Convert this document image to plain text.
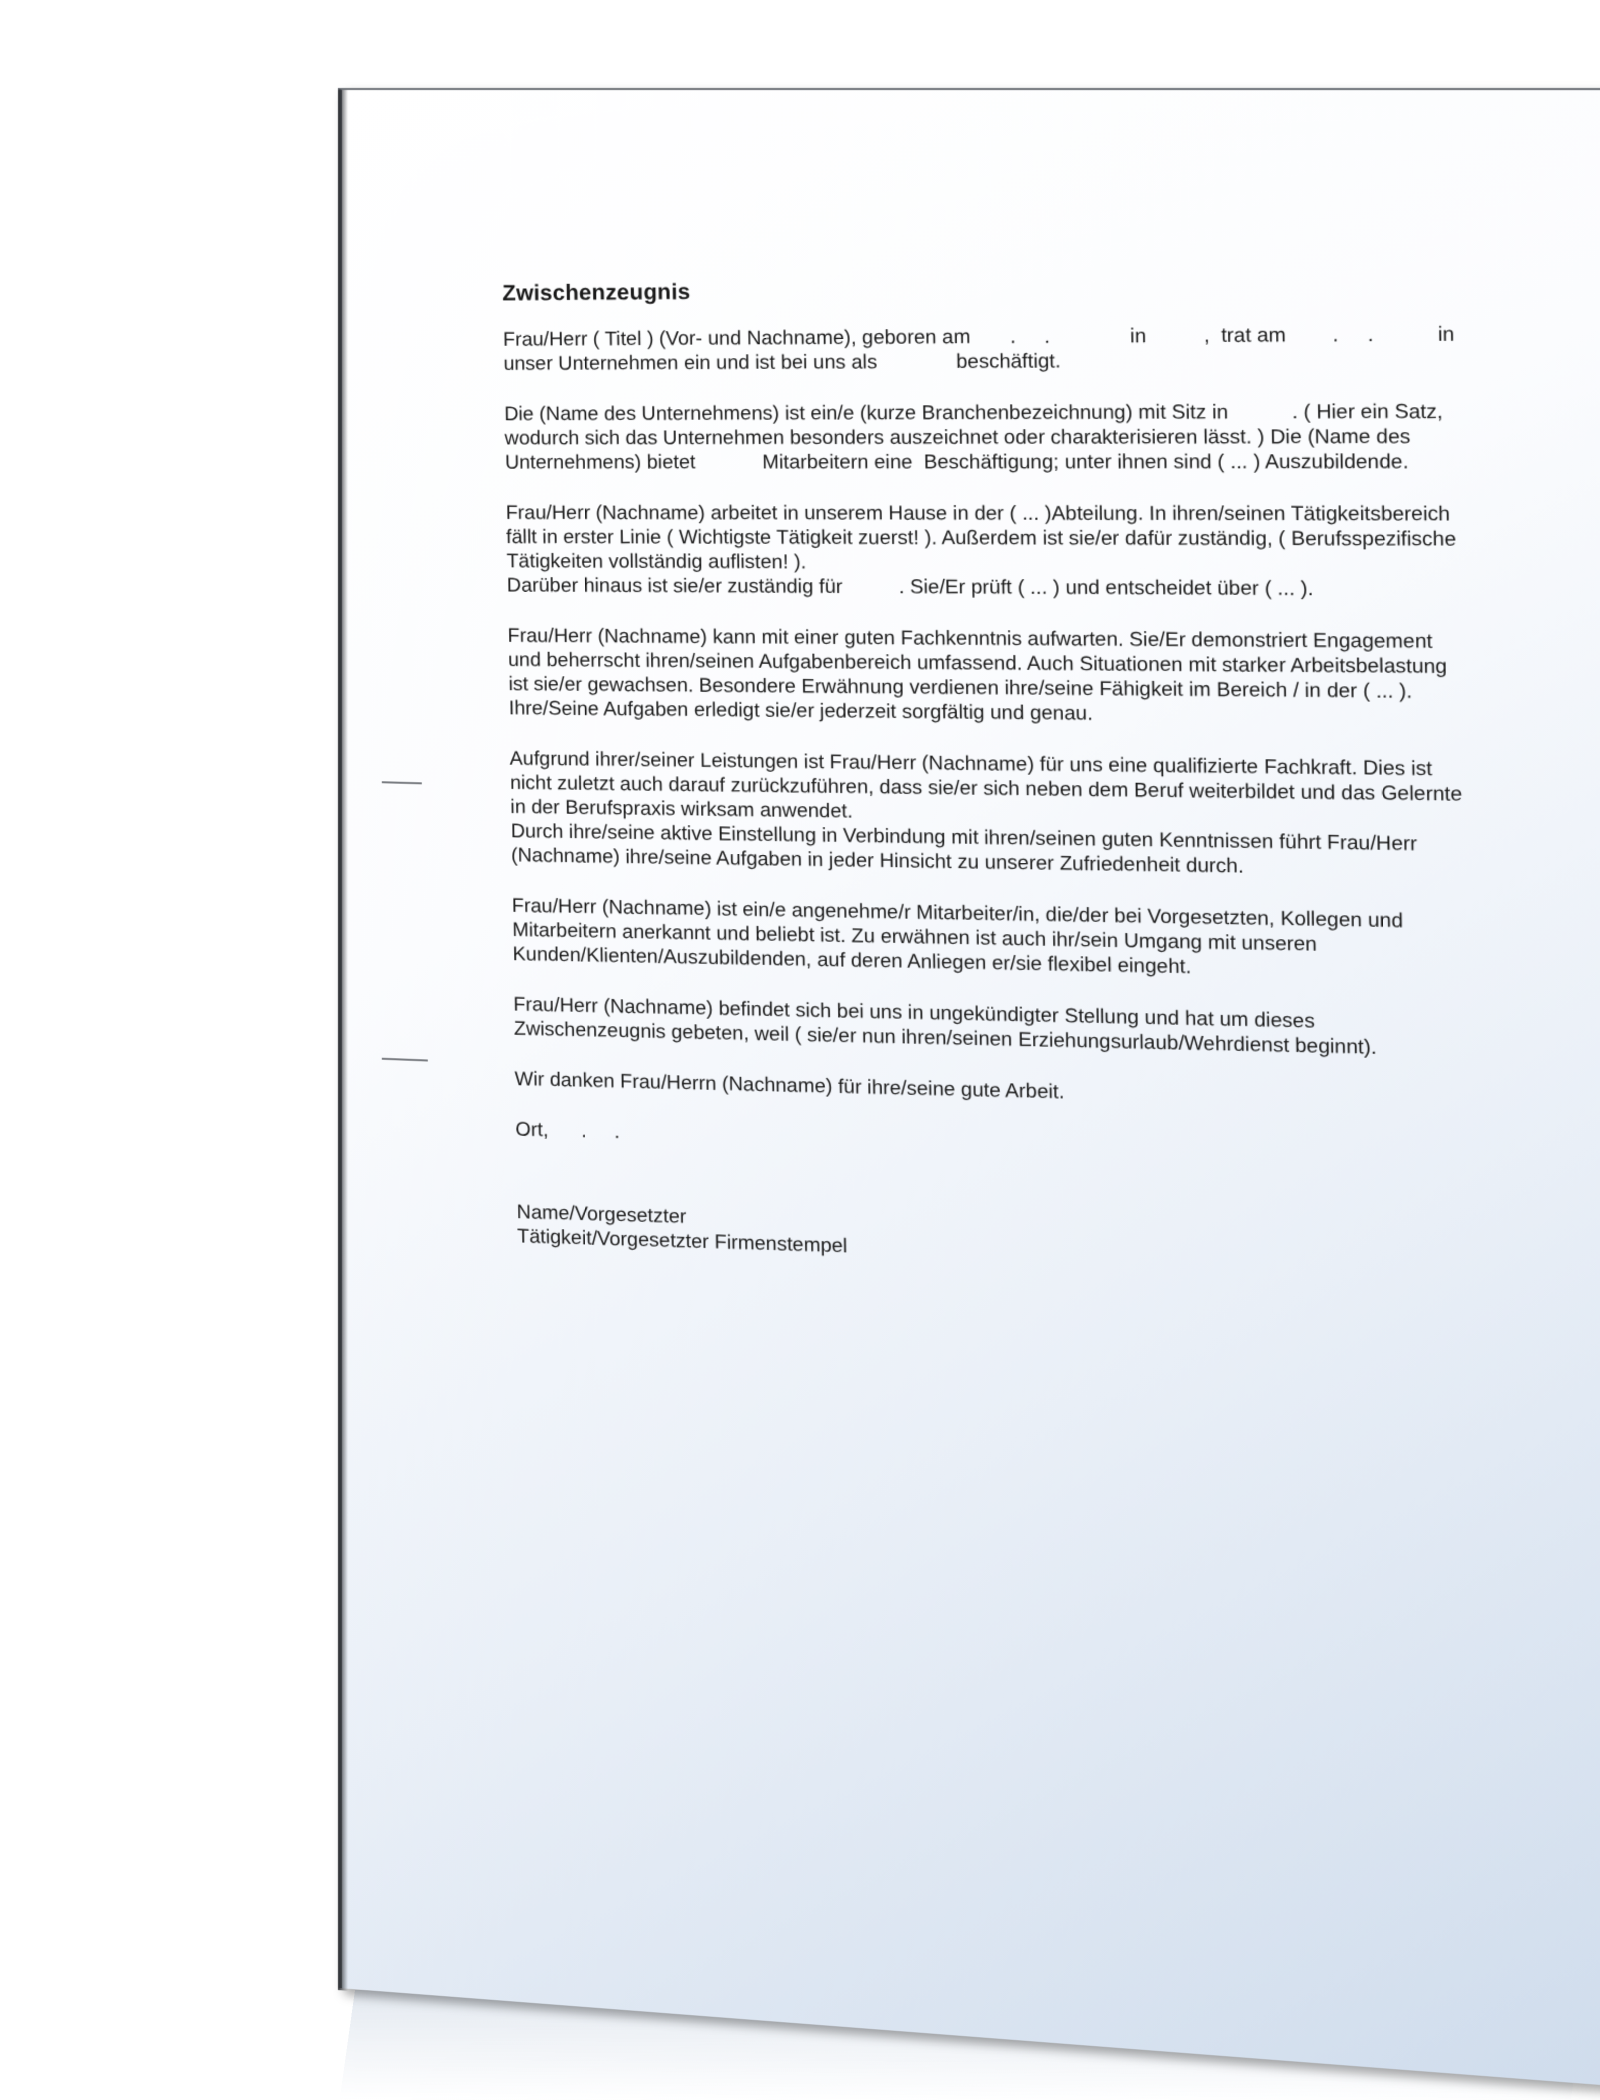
Zwischenzeugnis

Frau/Herr ( Titel ) (Vor- und Nachname), geboren am       .     .              in          ,  trat am        .     .           in
unser Unternehmen ein und ist bei uns als              beschäftigt.

Die (Name des Unternehmens) ist ein/e (kurze Branchenbezeichnung) mit Sitz in           . ( Hier ein Satz,
wodurch sich das Unternehmen besonders auszeichnet oder charakterisieren lässt. ) Die (Name des
Unternehmens) bietet            Mitarbeitern eine  Beschäftigung; unter ihnen sind ( ... ) Auszubildende.

Frau/Herr (Nachname) arbeitet in unserem Hause in der ( ... )Abteilung. In ihren/seinen Tätigkeitsbereich
fällt in erster Linie ( Wichtigste Tätigkeit zuerst! ). Außerdem ist sie/er dafür zuständig, ( Berufsspezifische
Tätigkeiten vollständig auflisten! ).
Darüber hinaus ist sie/er zuständig für          . Sie/Er prüft ( ... ) und entscheidet über ( ... ).

Frau/Herr (Nachname) kann mit einer guten Fachkenntnis aufwarten. Sie/Er demonstriert Engagement
und beherrscht ihren/seinen Aufgabenbereich umfassend. Auch Situationen mit starker Arbeitsbelastung
ist sie/er gewachsen. Besondere Erwähnung verdienen ihre/seine Fähigkeit im Bereich / in der ( ... ).
Ihre/Seine Aufgaben erledigt sie/er jederzeit sorgfältig und genau.

Aufgrund ihrer/seiner Leistungen ist Frau/Herr (Nachname) für uns eine qualifizierte Fachkraft. Dies ist
nicht zuletzt auch darauf zurückzuführen, dass sie/er sich neben dem Beruf weiterbildet und das Gelernte
in der Berufspraxis wirksam anwendet.
Durch ihre/seine aktive Einstellung in Verbindung mit ihren/seinen guten Kenntnissen führt Frau/Herr
(Nachname) ihre/seine Aufgaben in jeder Hinsicht zu unserer Zufriedenheit durch.

Frau/Herr (Nachname) ist ein/e angenehme/r Mitarbeiter/in, die/der bei Vorgesetzten, Kollegen und
Mitarbeitern anerkannt und beliebt ist. Zu erwähnen ist auch ihr/sein Umgang mit unseren
Kunden/Klienten/Auszubildenden, auf deren Anliegen er/sie flexibel eingeht.

Frau/Herr (Nachname) befindet sich bei uns in ungekündigter Stellung und hat um dieses
Zwischenzeugnis gebeten, weil ( sie/er nun ihren/seinen Erziehungsurlaub/Wehrdienst beginnt).

Wir danken Frau/Herrn (Nachname) für ihre/seine gute Arbeit.

Ort,      .     .

Name/Vorgesetzter
Tätigkeit/Vorgesetzter Firmenstempel
